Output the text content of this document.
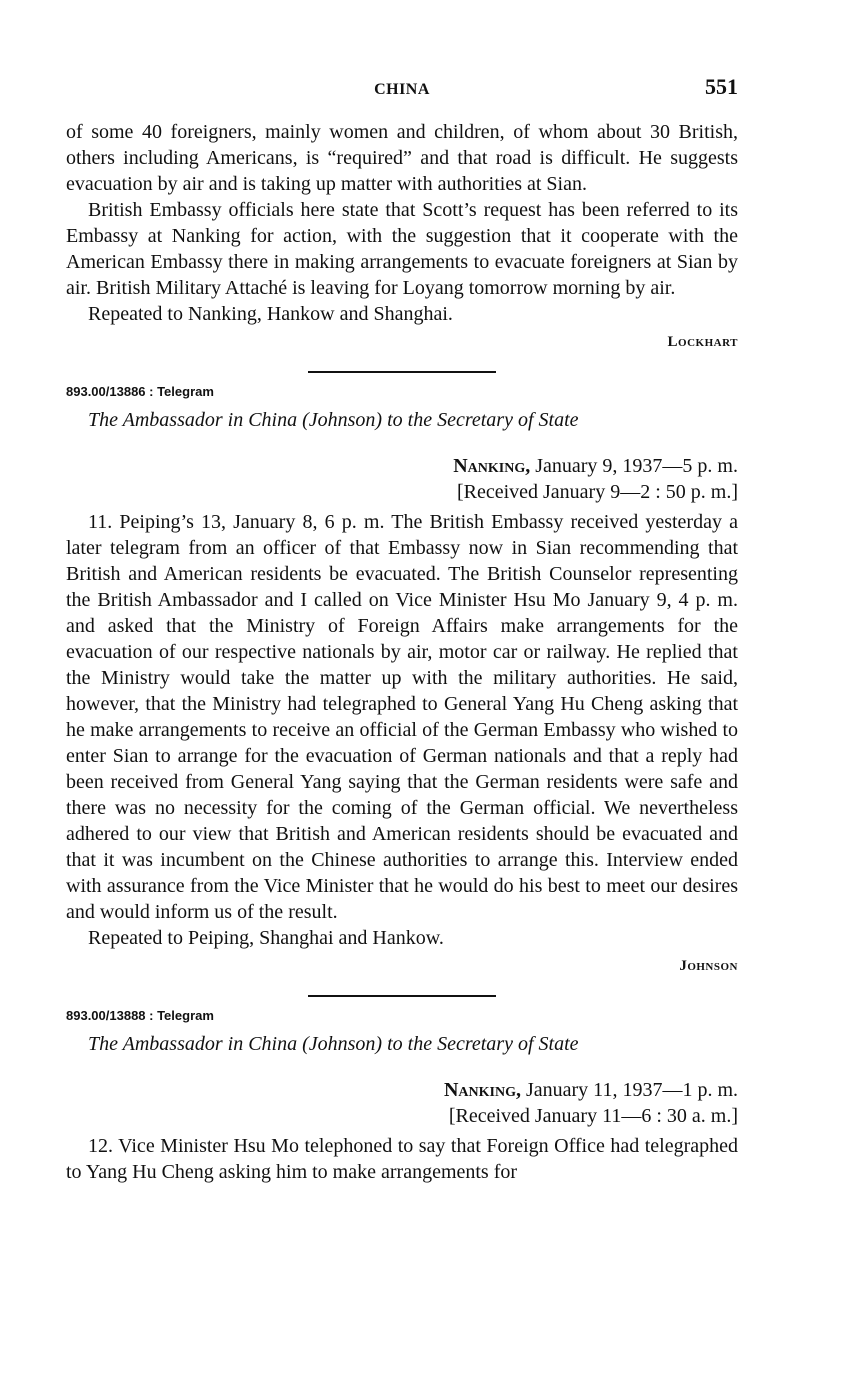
CHINA	551

of some 40 foreigners, mainly women and children, of whom about 30 British, others including Americans, is “required” and that road is difficult. He suggests evacuation by air and is taking up matter with authorities at Sian.

British Embassy officials here state that Scott’s request has been referred to its Embassy at Nanking for action, with the suggestion that it cooperate with the American Embassy there in making arrangements to evacuate foreigners at Sian by air. British Military Attaché is leaving for Loyang tomorrow morning by air.

Repeated to Nanking, Hankow and Shanghai.

Lockhart
893.00/13886 : Telegram
The Ambassador in China (Johnson) to the Secretary of State

Nanking, January 9, 1937—5 p. m.

[Received January 9—2 : 50 p. m.]

11. Peiping’s 13, January 8, 6 p. m. The British Embassy received yesterday a later telegram from an officer of that Embassy now in Sian recommending that British and American residents be evacuated. The British Counselor representing the British Ambassador and I called on Vice Minister Hsu Mo January 9, 4 p. m. and asked that the Ministry of Foreign Affairs make arrangements for the evacuation of our respective nationals by air, motor car or railway. He replied that the Ministry would take the matter up with the military authorities. He said, however, that the Ministry had telegraphed to General Yang Hu Cheng asking that he make arrangements to receive an official of the German Embassy who wished to enter Sian to arrange for the evacuation of German nationals and that a reply had been received from General Yang saying that the German residents were safe and there was no necessity for the coming of the German official. We nevertheless adhered to our view that British and American residents should be evacuated and that it was incumbent on the Chinese authorities to arrange this. Interview ended with assurance from the Vice Minister that he would do his best to meet our desires and would inform us of the result.

Repeated to Peiping, Shanghai and Hankow.

Johnson
893.00/13888 : Telegram
The Ambassador in China (Johnson) to the Secretary of State

Nanking, January 11, 1937—1 p. m.

[Received January 11—6 : 30 a. m.]

12. Vice Minister Hsu Mo telephoned to say that Foreign Office had telegraphed to Yang Hu Cheng asking him to make arrangements for
